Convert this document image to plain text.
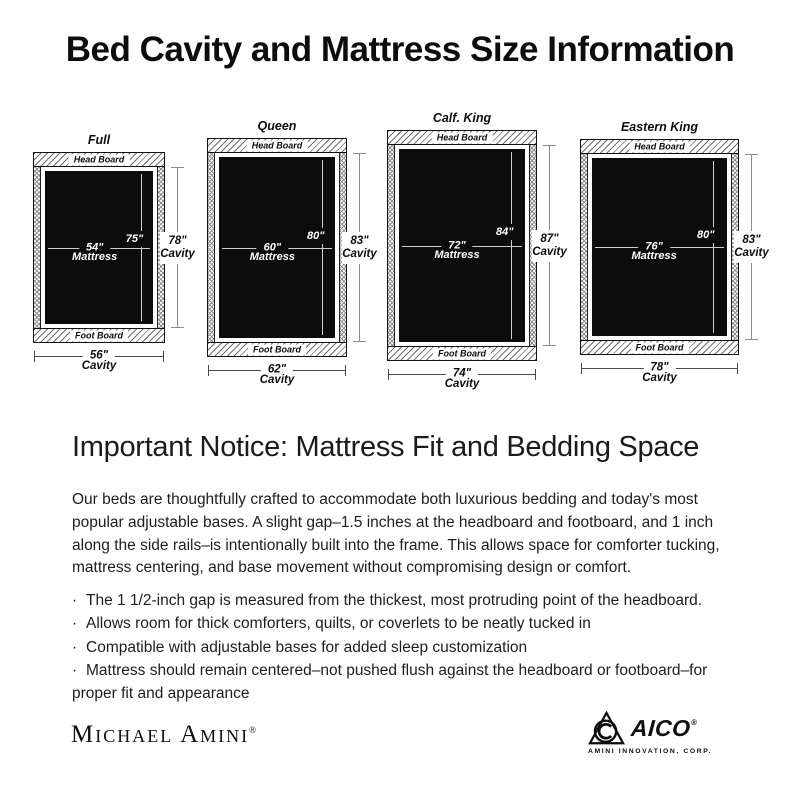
Bed Cavity and Mattress Size Information
Full
Head Board
54"
Mattress
75"
Foot Board
78"
Cavity
56"
Cavity
Queen
Head Board
60"
Mattress
80"
Foot Board
83"
Cavity
62"
Cavity
Calf. King
Head Board
72"
Mattress
84"
Foot Board
87"
Cavity
74"
Cavity
Eastern King
Head Board
76"
Mattress
80"
Foot Board
83"
Cavity
78"
Cavity
Important Notice: Mattress Fit and Bedding Space
Our beds are thoughtfully crafted to accommodate both luxurious bedding and today's most popular adjustable bases. A slight gap–1.5 inches at the headboard and footboard, and 1 inch along the side rails–is intentionally built into the frame. This allows space for comforter tucking, mattress centering, and base movement without compromising design or comfort.
· The 1 1/2-inch gap is measured from the thickest, most protruding point of the headboard.
· Allows room for thick comforters, quilts, or coverlets to be neatly tucked in
· Compatible with adjustable bases for added sleep customization
· Mattress should remain centered–not pushed flush against the headboard or footboard–for proper fit and appearance
Michael Amini®	AICO®
AMINI INNOVATION, CORP.
